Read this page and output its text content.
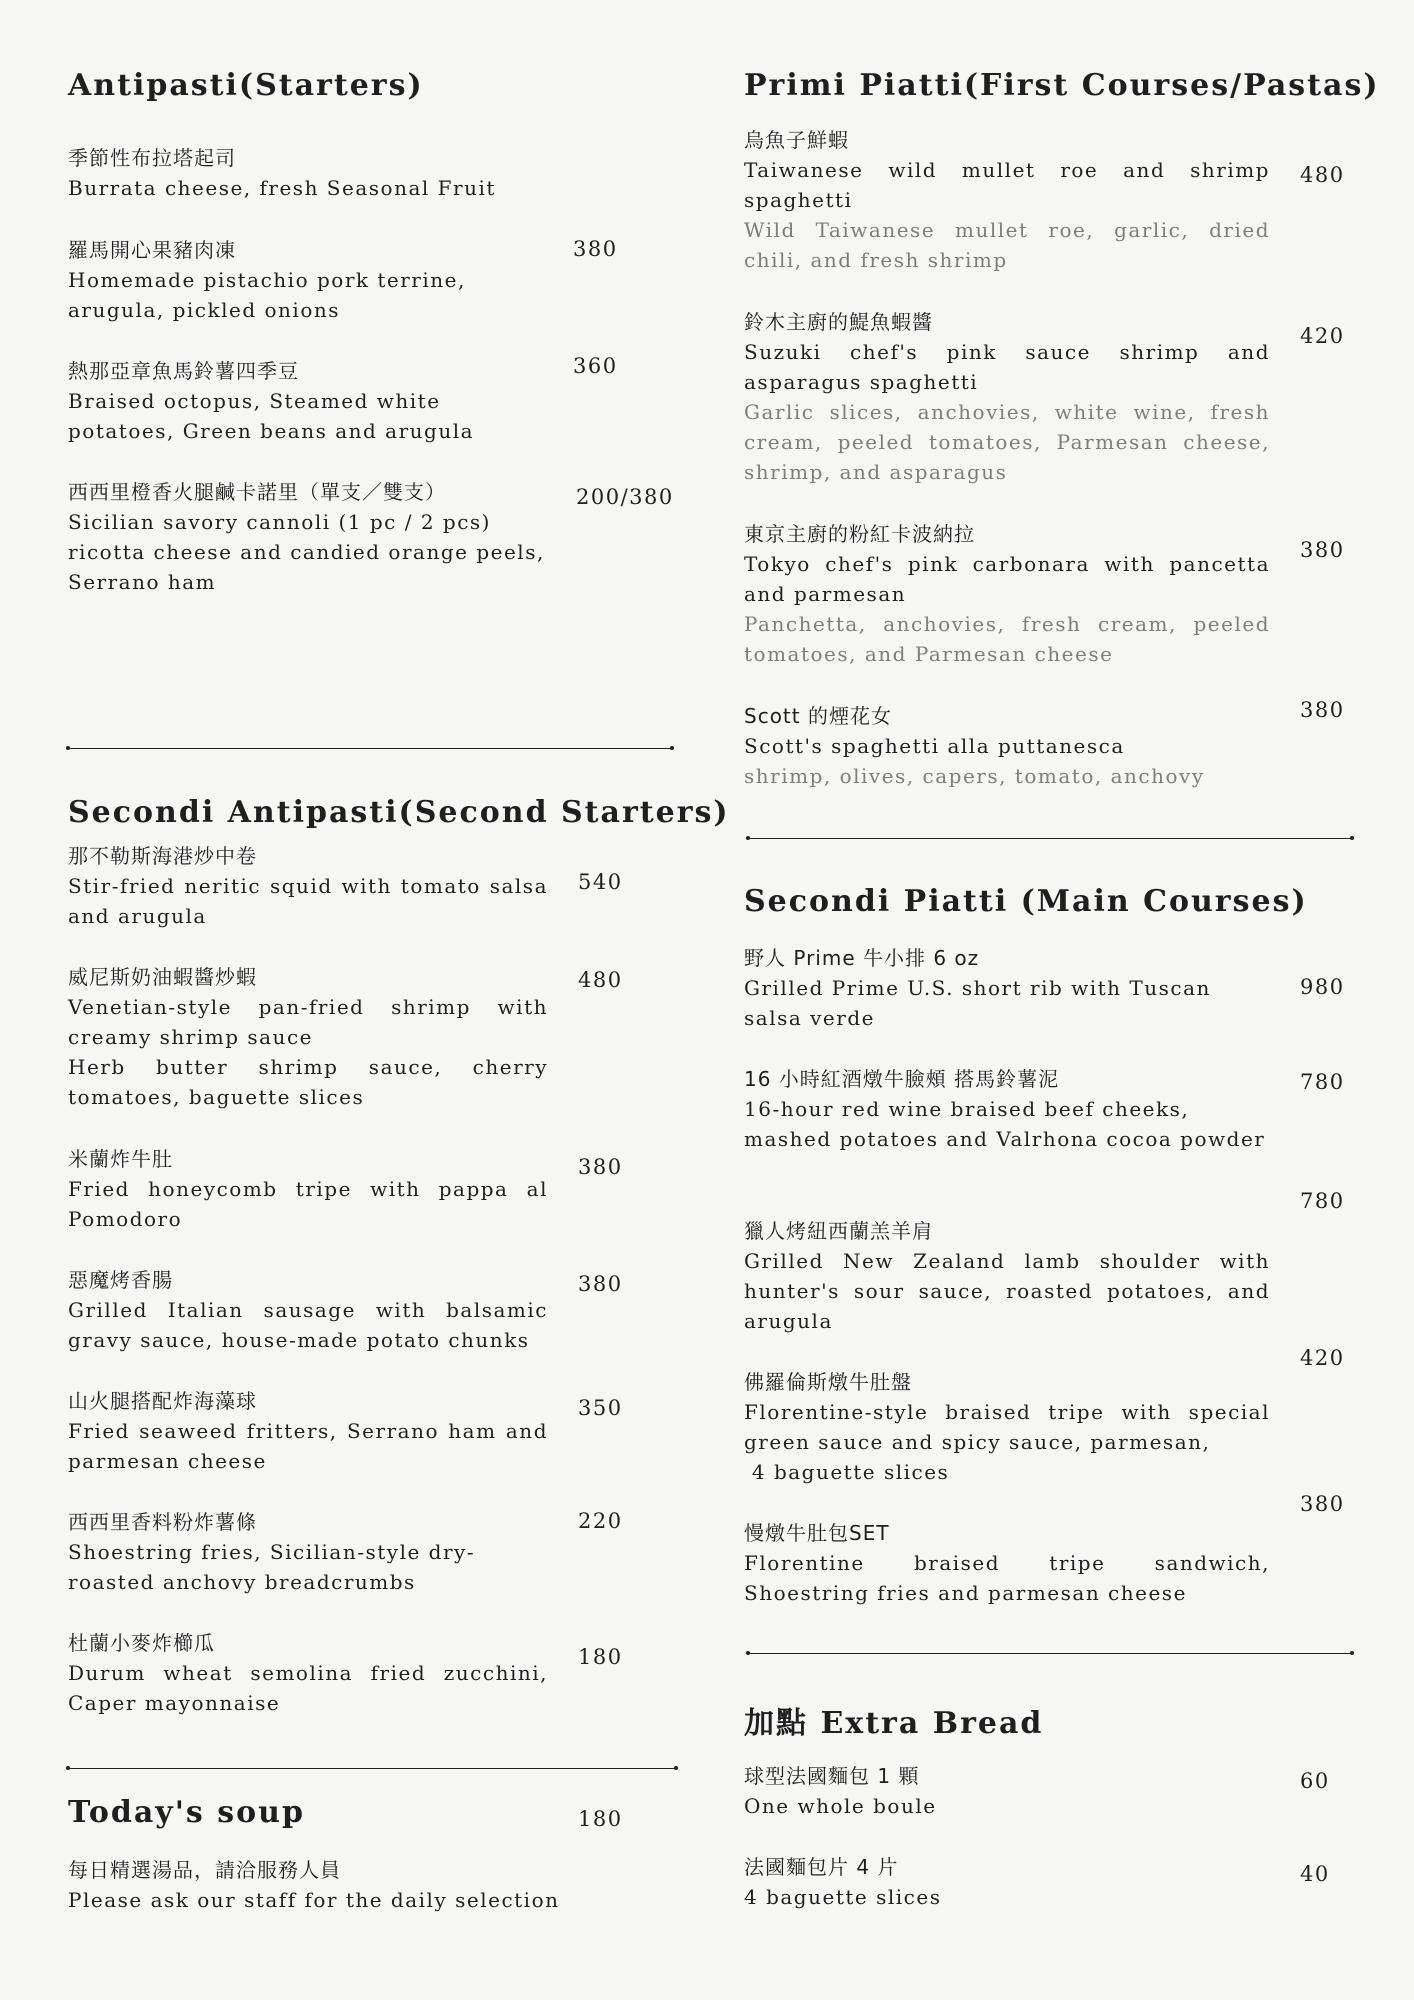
Antipasti(Starters)
季節性布拉塔起司
Burrata cheese, fresh Seasonal Fruit
羅馬開心果豬肉凍
Homemade pistachio pork terrine, arugula, pickled onions
380
熱那亞章魚馬鈴薯四季豆
Braised octopus, Steamed white potatoes, Green beans and arugula
360
西西里橙香火腿鹹卡諾里（單支／雙支）
Sicilian savory cannoli (1 pc / 2 pcs) ricotta cheese and candied orange peels, Serrano ham
200/380
Secondi Antipasti(Second Starters)
那不勒斯海港炒中卷
Stir-fried neritic squid with tomato salsa and arugula
540
威尼斯奶油蝦醬炒蝦
Venetian-style pan-fried shrimp with creamy shrimp sauce
Herb butter shrimp sauce, cherry tomatoes, baguette slices
480
米蘭炸牛肚
Fried honeycomb tripe with pappa al Pomodoro
380
惡魔烤香腸
Grilled Italian sausage with balsamic gravy sauce, house-made potato chunks
380
山火腿搭配炸海藻球
Fried seaweed fritters, Serrano ham and parmesan cheese
350
西西里香料粉炸薯條
Shoestring fries, Sicilian-style dry-roasted anchovy breadcrumbs
220
杜蘭小麥炸櫛瓜
Durum wheat semolina fried zucchini, Caper mayonnaise
180
Today's soup	180
每日精選湯品，請洽服務人員
Please ask our staff for the daily selection
Primi Piatti(First Courses/Pastas)
烏魚子鮮蝦
Taiwanese wild mullet roe and shrimp spaghetti
Wild Taiwanese mullet roe, garlic, dried chili, and fresh shrimp
480
鈴木主廚的鯷魚蝦醬
Suzuki chef's pink sauce shrimp and asparagus spaghetti
Garlic slices, anchovies, white wine, fresh cream, peeled tomatoes, Parmesan cheese, shrimp, and asparagus
420
東京主廚的粉紅卡波納拉
Tokyo chef's pink carbonara with pancetta and parmesan
Panchetta, anchovies, fresh cream, peeled tomatoes, and Parmesan cheese
380
Scott 的煙花女
Scott's spaghetti alla puttanesca
shrimp, olives, capers, tomato, anchovy
380
Secondi Piatti (Main Courses)
野人 Prime 牛小排 6 oz
Grilled Prime U.S. short rib with Tuscan salsa verde
980
16 小時紅酒燉牛臉頰 搭馬鈴薯泥
16-hour red wine braised beef cheeks, mashed potatoes and Valrhona cocoa powder
780
獵人烤紐西蘭羔羊肩
Grilled New Zealand lamb shoulder with hunter's sour sauce, roasted potatoes, and arugula
780
佛羅倫斯燉牛肚盤
Florentine-style braised tripe with special green sauce and spicy sauce, parmesan,
4 baguette slices
420
慢燉牛肚包SET
Florentine braised tripe sandwich, Shoestring fries and parmesan cheese
380
加點 Extra Bread
球型法國麵包 1 顆
One whole boule
60
法國麵包片 4 片
4 baguette slices
40
